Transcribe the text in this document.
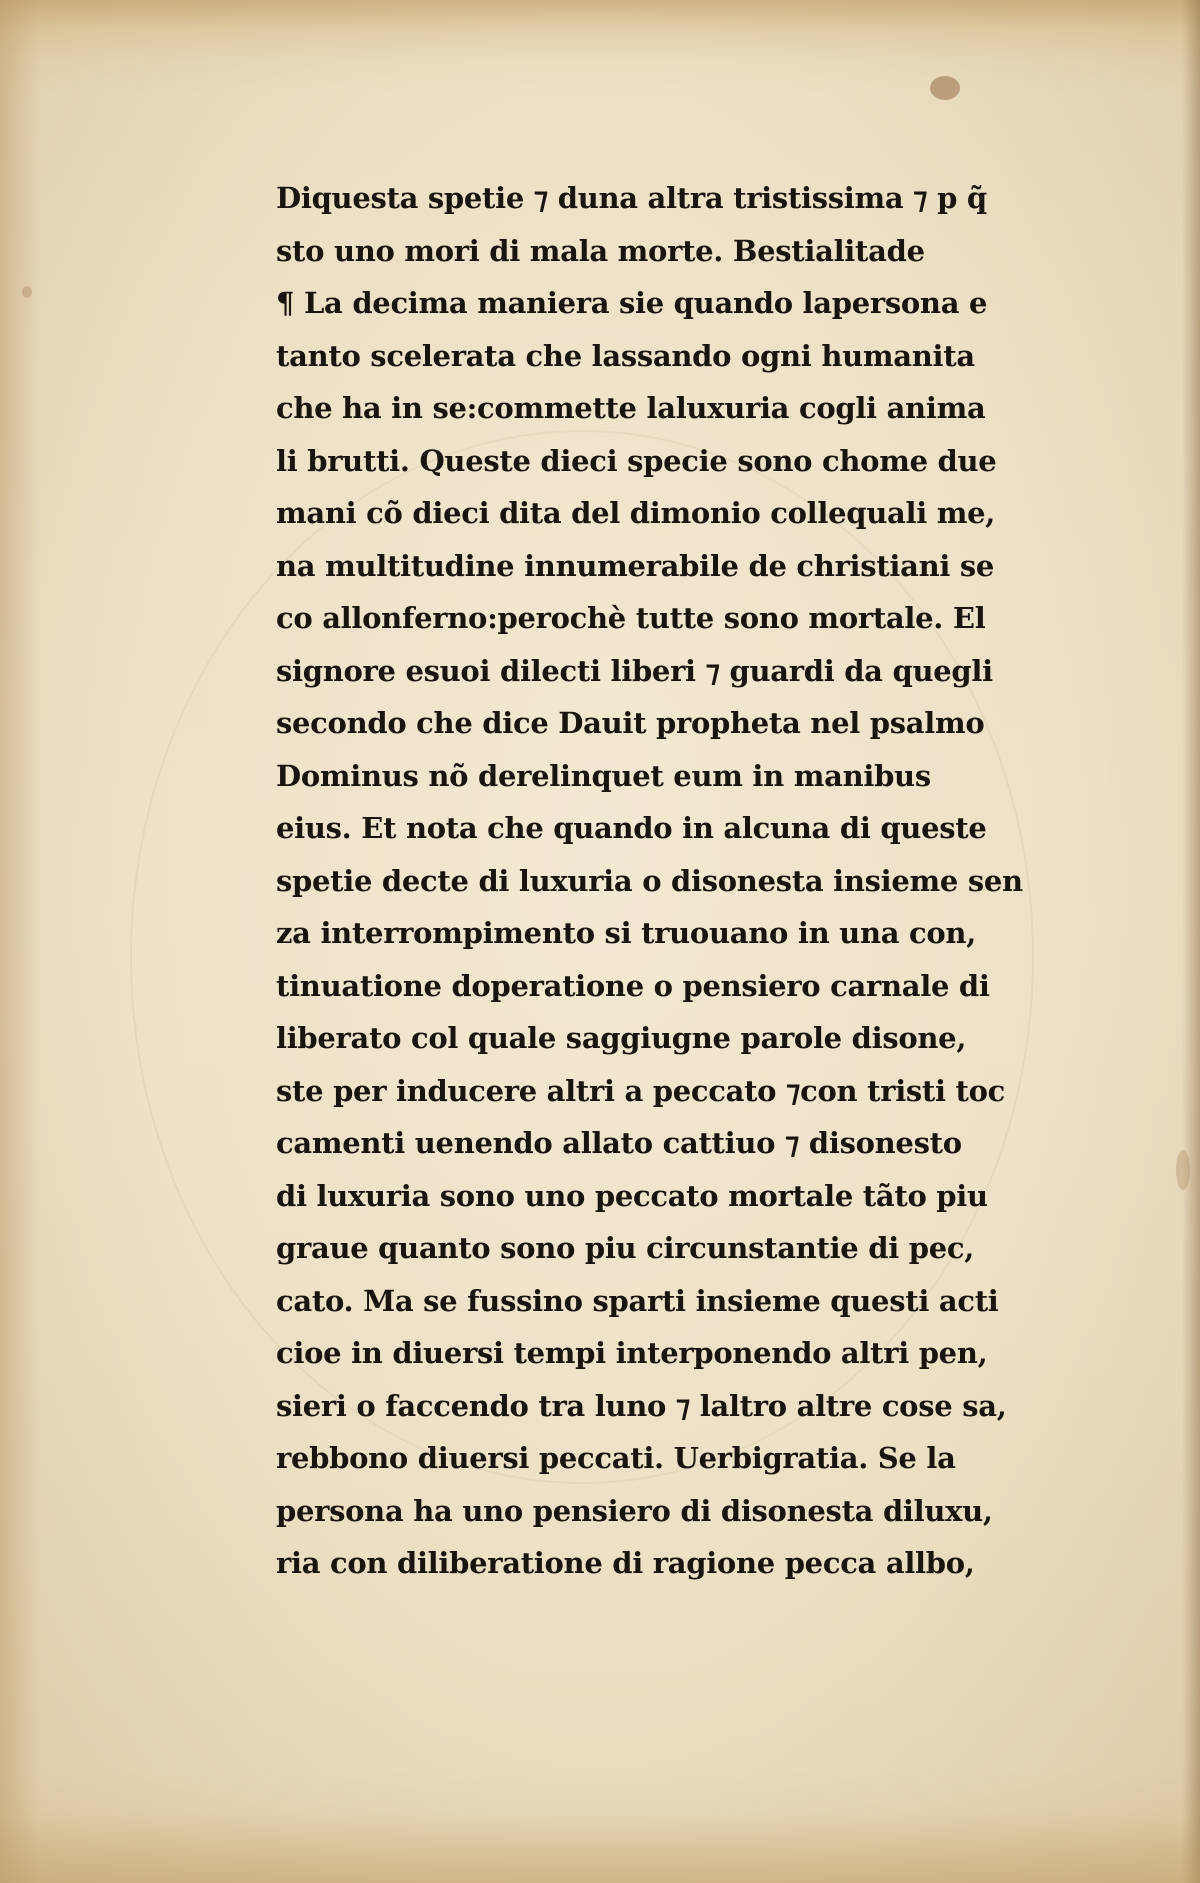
Diquesta spetie ⁊ duna altra tristissima ⁊ p q̃
sto uno mori di mala morte. Bestialitade
¶ La decima maniera sie quando lapersona e
tanto scelerata che lassando ogni humanita
che ha in se:commette laluxuria cogli anima
li brutti. Queste dieci specie sono chome due
mani cõ dieci dita del dimonio collequali me,
na multitudine innumerabile de christiani se
co allonferno:perochè tutte sono mortale. El
signore esuoi dilecti liberi ⁊ guardi da quegli
secondo che dice Dauit propheta nel psalmo
Dominus nõ derelinquet eum in manibus
eius. Et nota che quando in alcuna di queste
spetie decte di luxuria o disonesta insieme sen
za interrompimento si truouano in una con,
tinuatione doperatione o pensiero carnale di
liberato col quale saggiugne parole disone,
ste per inducere altri a peccato ⁊con tristi toc
camenti uenendo allato cattiuo ⁊ disonesto
di luxuria sono uno peccato mortale tãto piu
graue quanto sono piu circunstantie di pec,
cato. Ma se fussino sparti insieme questi acti
cioe in diuersi tempi interponendo altri pen,
sieri o faccendo tra luno ⁊ laltro altre cose sa,
rebbono diuersi peccati. Uerbigratia. Se la
persona ha uno pensiero di disonesta diluxu,
ria con diliberatione di ragione pecca allbo,
